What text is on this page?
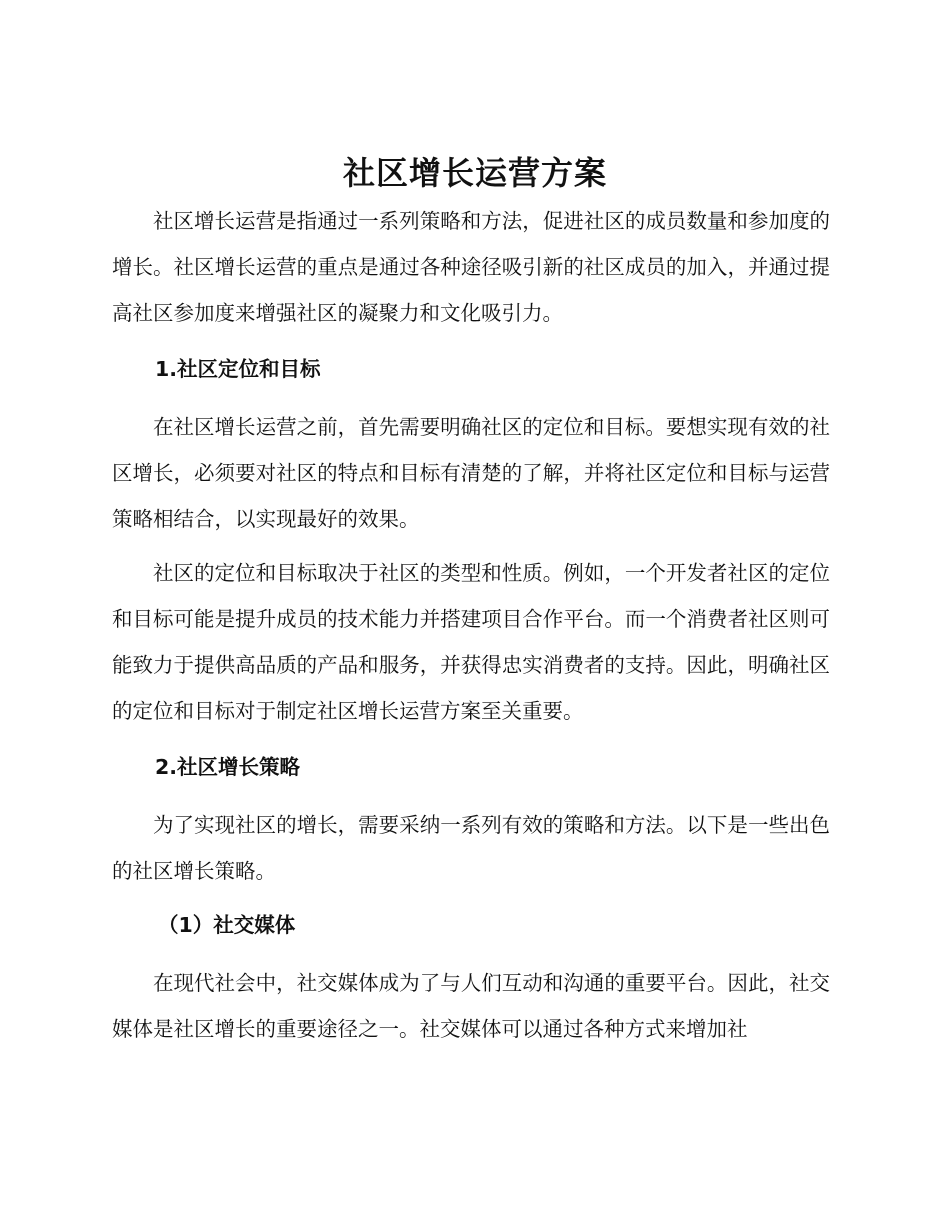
社区增长运营方案

社区增长运营是指通过一系列策略和方法，促进社区的成员数量和参加度的增长。社区增长运营的重点是通过各种途径吸引新的社区成员的加入，并通过提高社区参加度来增强社区的凝聚力和文化吸引力。

1.社区定位和目标

在社区增长运营之前，首先需要明确社区的定位和目标。要想实现有效的社区增长，必须要对社区的特点和目标有清楚的了解，并将社区定位和目标与运营策略相结合，以实现最好的效果。

社区的定位和目标取决于社区的类型和性质。例如，一个开发者社区的定位和目标可能是提升成员的技术能力并搭建项目合作平台。而一个消费者社区则可能致力于提供高品质的产品和服务，并获得忠实消费者的支持。因此，明确社区的定位和目标对于制定社区增长运营方案至关重要。

2.社区增长策略

为了实现社区的增长，需要采纳一系列有效的策略和方法。以下是一些出色的社区增长策略。

（1）社交媒体

在现代社会中，社交媒体成为了与人们互动和沟通的重要平台。因此，社交媒体是社区增长的重要途径之一。社交媒体可以通过各种方式来增加社
